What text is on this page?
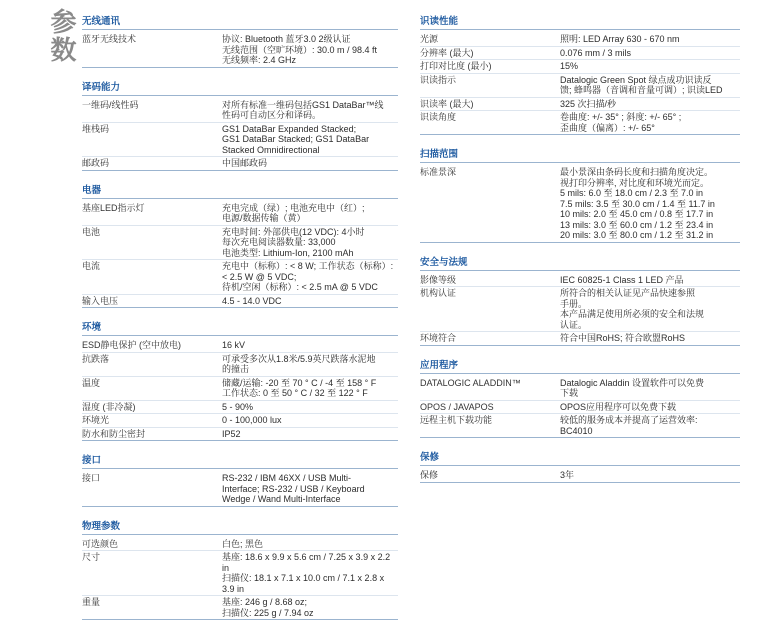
参数 无线通讯
蓝牙无线技术	协议: Bluetooth 蓝牙3.0 2级认证
无线范围（空旷环境）: 30.0 m / 98.4 ft
无线频率: 2.4 GHz
译码能力
一维码/线性码	对所有标准一维码包括GS1 DataBar™线
性码可自动区分和译码。
堆栈码	GS1 DataBar Expanded Stacked;
GS1 DataBar Stacked; GS1 DataBar
Stacked Omnidirectional
邮政码	中国邮政码
电器
基座LED指示灯	充电完成（绿）; 电池充电中（红）;
电源/数据传输（黄）
电池	充电时间: 外部供电(12 VDC): 4小时
每次充电阅读器数量: 33,000
电池类型: Lithium-Ion, 2100 mAh
电流	充电中（标称）: < 8 W; 工作状态（标称）:
< 2.5 W @ 5 VDC;
待机/空闲（标称）: < 2.5 mA @ 5 VDC
输入电压	4.5 - 14.0 VDC
环境
ESD静电保护 (空中放电)	16 kV
抗跌落	可承受多次从1.8米/5.9英尺跌落水泥地
的撞击
温度	储藏/运输: -20 至 70 ° C / -4 至 158 ° F
工作状态: 0 至 50 ° C / 32 至 122 ° F
湿度 (非冷凝)	5 - 90%
环境光	0 - 100,000 lux
防水和防尘密封	IP52
接口
接口	RS-232 / IBM 46XX / USB Multi-
Interface; RS-232 / USB / Keyboard
Wedge / Wand Multi-Interface
物理参数
可选颜色	白色; 黑色
尺寸	基座: 18.6 x 9.9 x 5.6 cm / 7.25 x 3.9 x 2.2 in
扫描仪: 18.1 x 7.1 x 10.0 cm / 7.1 x 2.8 x 3.9 in
重量	基座: 246 g / 8.68 oz;
扫描仪: 225 g / 7.94 oz
识读性能
光源	照明: LED Array 630 - 670 nm
分辨率 (最大)	0.076 mm / 3 mils
打印对比度 (最小)	15%
识读指示	Datalogic Green Spot 绿点成功识读反
馈; 蜂鸣器（音调和音量可调）; 识读LED
识读率 (最大)	325 次扫描/秒
识读角度	卷曲度: +/- 35° ; 斜度: +/- 65° ;
歪曲度（偏离）: +/- 65°
扫描范围
标准景深	最小景深由条码长度和扫描角度决定。
视打印分辨率, 对比度和环境光而定。
5 mils: 6.0 至 18.0 cm / 2.3 至 7.0 in
7.5 mils: 3.5 至 30.0 cm / 1.4 至 11.7 in
10 mils: 2.0 至 45.0 cm / 0.8 至 17.7 in
13 mils: 3.0 至 60.0 cm / 1.2 至 23.4 in
20 mils: 3.0 至 80.0 cm / 1.2 至 31.2 in
安全与法规
影像等级	IEC 60825-1 Class 1 LED 产品
机构认证	所符合的相关认证见产品快速参照
手册。
本产品满足使用所必须的安全和法规
认证。
环境符合	符合中国RoHS; 符合欧盟RoHS
应用程序
DATALOGIC ALADDIN™	Datalogic Aladdin 设置软件可以免费
下载
OPOS / JAVAPOS	OPOS应用程序可以免费下载
远程主机下载功能	较低的服务成本并提高了运营效率:
BC4010
保修
保修	3年
